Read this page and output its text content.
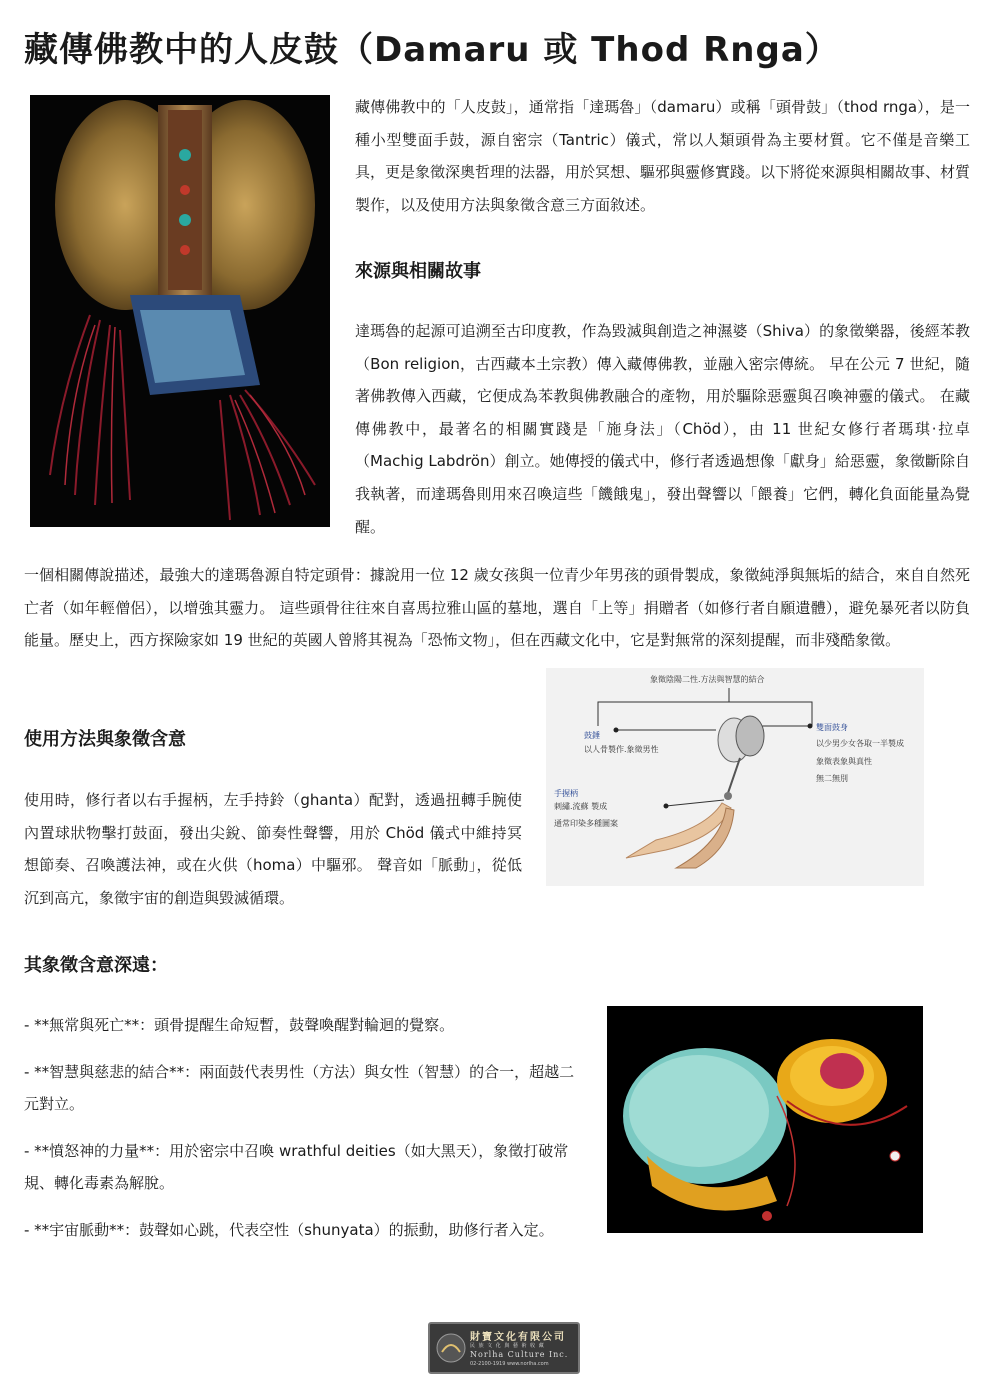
藏傳佛教中的人皮鼓（Damaru 或 Thod Rnga）

藏傳佛教中的「人皮鼓」，通常指「達瑪魯」（damaru）或稱「頭骨鼓」（thod rnga），是一種小型雙面手鼓，源自密宗（Tantric）儀式，常以人類頭骨為主要材質。它不僅是音樂工具，更是象徵深奧哲理的法器，用於冥想、驅邪與靈修實踐。以下將從來源與相關故事、材質製作，以及使用方法與象徵含意三方面敘述。

來源與相關故事

達瑪魯的起源可追溯至古印度教，作為毀滅與創造之神濕婆（Shiva）的象徵樂器，後經苯教（Bon religion，古西藏本土宗教）傳入藏傳佛教，並融入密宗傳統。 早在公元 7 世紀，隨著佛教傳入西藏，它便成為苯教與佛教融合的產物，用於驅除惡靈與召喚神靈的儀式。 在藏傳佛教中，最著名的相關實踐是「施身法」（Chöd），由 11 世紀女修行者瑪琪·拉卓（Machig Labdrön）創立。她傳授的儀式中，修行者透過想像「獻身」給惡靈，象徵斷除自我執著，而達瑪魯則用來召喚這些「饑餓鬼」，發出聲響以「餵養」它們，轉化負面能量為覺醒。

一個相關傳說描述，最強大的達瑪魯源自特定頭骨：據說用一位 12 歲女孩與一位青少年男孩的頭骨製成，象徵純淨與無垢的結合，來自自然死亡者（如年輕僧侶），以增強其靈力。 這些頭骨往往來自喜馬拉雅山區的墓地，選自「上等」捐贈者（如修行者自願遺體），避免暴死者以防負能量。歷史上，西方探險家如 19 世紀的英國人曾將其視為「恐怖文物」，但在西藏文化中，它是對無常的深刻提醒，而非殘酷象徵。

使用方法與象徵含意

使用時，修行者以右手握柄，左手持鈴（ghanta）配對，透過扭轉手腕使內置球狀物擊打鼓面，發出尖銳、節奏性聲響，用於 Chöd 儀式中維持冥想節奏、召喚護法神，或在火供（homa）中驅邪。 聲音如「脈動」，從低沉到高亢，象徵宇宙的創造與毀滅循環。

象徵陰陽二性.方法與智慧的結合
鼓錘
以人骨製作.象徵男性
雙面鼓身
以少男少女各取一半製成
象徵表象與真性
無二無別
手握柄
刺繡.流蘇 製成
通常印染多種圖案

其象徵含意深遠：

- **無常與死亡**：頭骨提醒生命短暫，鼓聲喚醒對輪迴的覺察。

- **智慧與慈悲的結合**：兩面鼓代表男性（方法）與女性（智慧）的合一，超越二元對立。

- **憤怒神的力量**：用於密宗中召喚 wrathful deities（如大黑天），象徵打破常規、轉化毒素為解脫。

- **宇宙脈動**：鼓聲如心跳，代表空性（shunyata）的振動，助修行者入定。

財寶文化有限公司
民 族 文 化 與 藝 術 收 藏
Norlha Culture Inc.
02-2100-1919 www.norlha.com
